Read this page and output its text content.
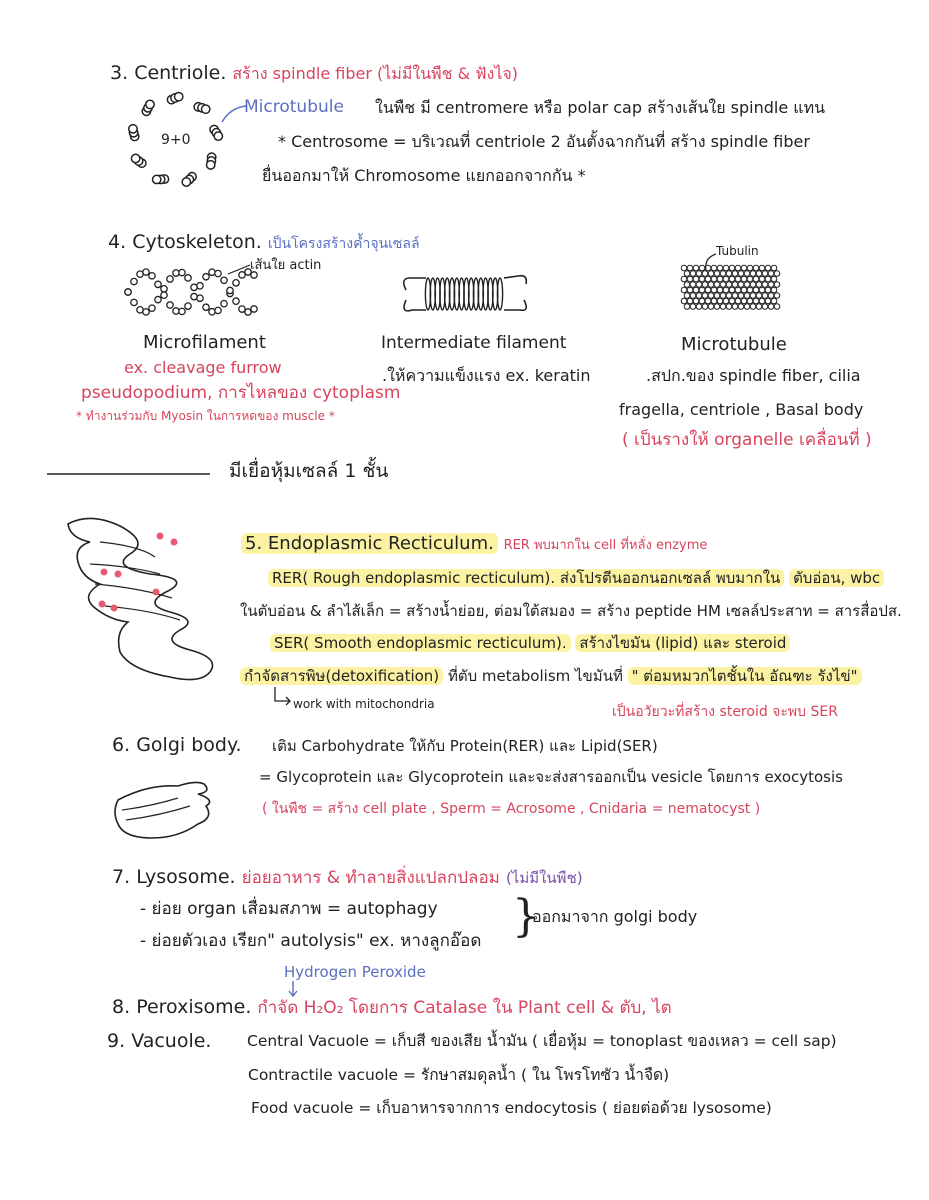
3. Centriole. สร้าง spindle fiber (ไม่มีในพืช & ฟังไจ)
9+0
Microtubule ในพืช มี centromere หรือ polar cap สร้างเส้นใย spindle แทน
* Centrosome = บริเวณที่ centriole 2 อันตั้งฉากกันที่ สร้าง spindle fiber
ยื่นออกมาให้ Chromosome แยกออกจากกัน *
4. Cytoskeleton. เป็นโครงสร้างค้ำจุนเซลล์
เส้นใย actin
Tubulin
Microfilament
ex. cleavage furrow
pseudopodium, การไหลของ cytoplasm
* ทำงานร่วมกับ Myosin ในการหดของ muscle *
Intermediate filament
.ให้ความแข็งแรง ex. keratin
Microtubule
.สปก.ของ spindle fiber, cilia
fragella, centriole , Basal body
( เป็นรางให้ organelle เคลื่อนที่ )
มีเยื่อหุ้มเซลล์ 1 ชั้น
5. Endoplasmic Recticulum. RER พบมากใน cell ที่หลั่ง enzyme
RER( Rough endoplasmic recticulum). ส่งโปรตีนออกนอกเซลล์ พบมากใน ตับอ่อน, wbc
ในตับอ่อน & ลำไส้เล็ก = สร้างน้ำย่อย, ต่อมใต้สมอง = สร้าง peptide HM เซลล์ประสาท = สารสื่อปส.
SER( Smooth endoplasmic recticulum). สร้างไขมัน (lipid) และ steroid
กำจัดสารพิษ(detoxification) ที่ตับ metabolism ไขมันที่ " ต่อมหมวกไตชั้นใน อัณฑะ รังไข่"
work with mitochondria	เป็นอวัยวะที่สร้าง steroid จะพบ SER
6. Golgi body. เติม Carbohydrate ให้กับ Protein(RER) และ Lipid(SER)
= Glycoprotein และ Glycoprotein และจะส่งสารออกเป็น vesicle โดยการ exocytosis
( ในพืช = สร้าง cell plate , Sperm = Acrosome , Cnidaria = nematocyst )
7. Lysosome. ย่อยอาหาร & ทำลายสิ่งแปลกปลอม (ไม่มีในพืช)
- ย่อย organ เสื่อมสภาพ = autophagy
- ย่อยตัวเอง เรียก" autolysis" ex. หางลูกอ๊อด }
ออกมาจาก golgi body
Hydrogen Peroxide
8. Peroxisome. กำจัด H₂O₂ โดยการ Catalase ใน Plant cell & ตับ, ไต
9. Vacuole. Central Vacuole = เก็บสี ของเสีย น้ำมัน ( เยื่อหุ้ม = tonoplast ของเหลว = cell sap)
Contractile vacuole = รักษาสมดุลน้ำ ( ใน โพรโทซัว น้ำจืด)
Food vacuole = เก็บอาหารจากการ endocytosis ( ย่อยต่อด้วย lysosome)
